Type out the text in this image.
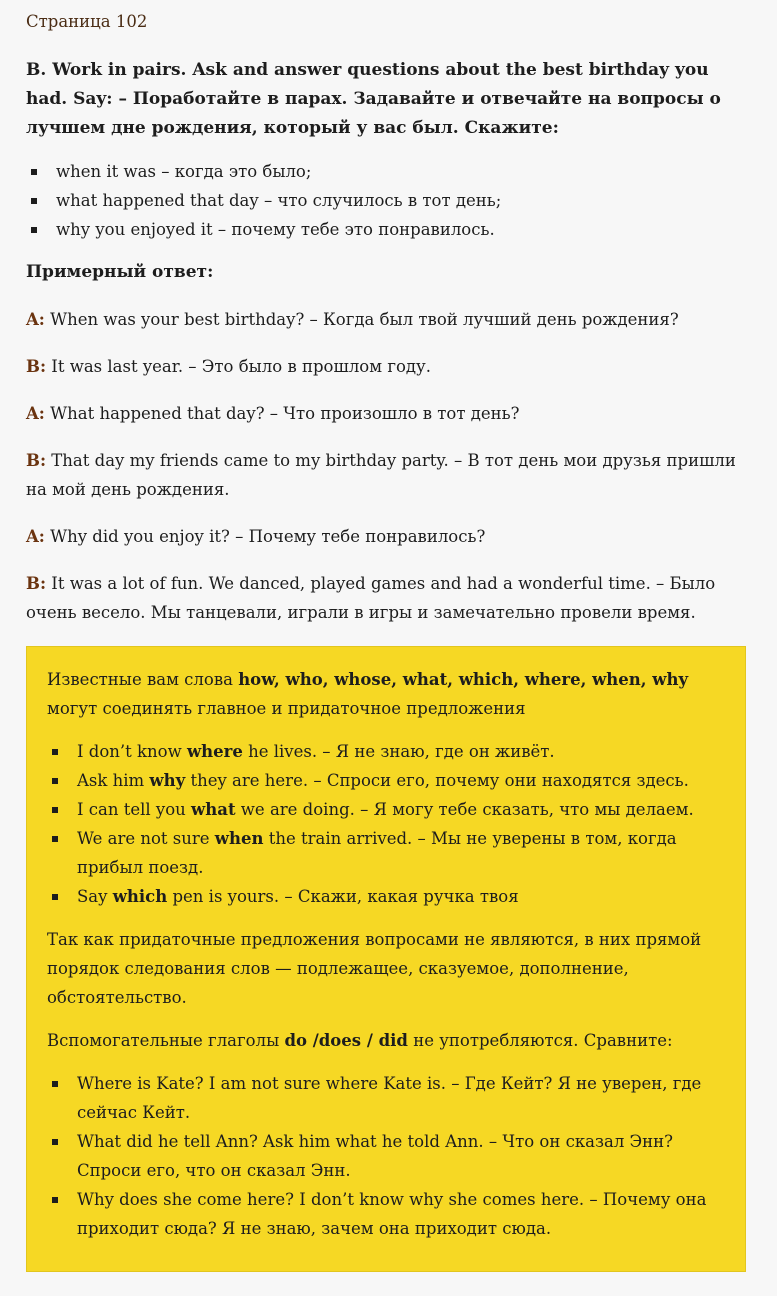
Страница 102
B. Work in pairs. Ask and answer questions about the best birthday you had. Say: – Поработайте в парах. Задавайте и отвечайте на вопросы о лучшем дне рождения, который у вас был. Скажите:
when it was – когда это было;
what happened that day – что случилось в тот день;
why you enjoyed it – почему тебе это понравилось.
Примерный ответ:
A: When was your best birthday? – Когда был твой лучший день рождения?
B: It was last year. – Это было в прошлом году.
A: What happened that day? – Что произошло в тот день?
B: That day my friends came to my birthday party. – В тот день мои друзья пришли на мой день рождения.
A: Why did you enjoy it? – Почему тебе понравилось?
B: It was a lot of fun. We danced, played games and had a wonderful time. – Было очень весело. Мы танцевали, играли в игры и замечательно провели время.
Известные вам слова how, who, whose, what, which, where, when, why могут соединять главное и придаточное предложения
I don’t know where he lives. – Я не знаю, где он живёт.
Ask him why they are here. – Спроси его, почему они находятся здесь.
I can tell you what we are doing. – Я могу тебе сказать, что мы делаем.
We are not sure when the train arrived. – Мы не уверены в том, когда прибыл поезд.
Say which pen is yours. – Скажи, какая ручка твоя
Так как придаточные предложения вопросами не являются, в них прямой порядок следования слов — подлежащее, сказуемое, дополнение, обстоятельство.
Вспомогательные глаголы do /does / did не употребляются. Сравните:
Where is Kate? I am not sure where Kate is. – Где Кейт? Я не уверен, где сейчас Кейт.
What did he tell Ann? Ask him what he told Ann. – Что он сказал Энн? Спроси его, что он сказал Энн.
Why does she come here? I don’t know why she comes here. – Почему она приходит сюда? Я не знаю, зачем она приходит сюда.
